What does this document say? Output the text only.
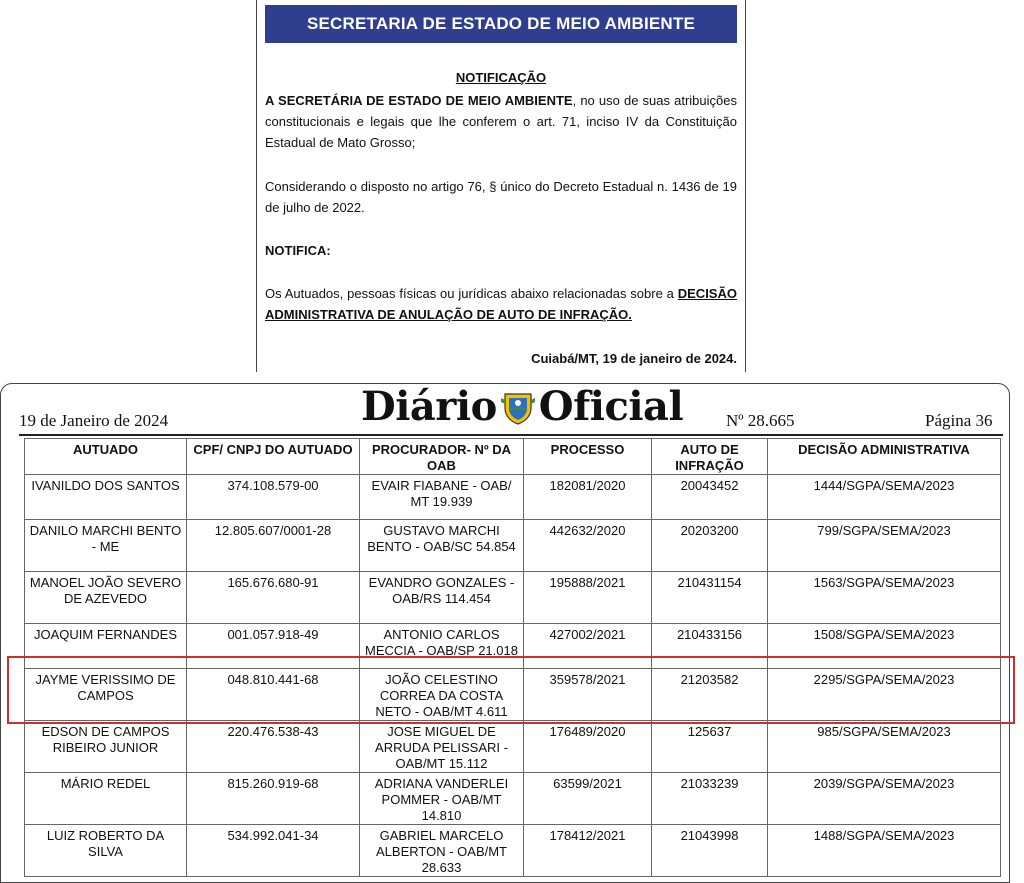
SECRETARIA DE ESTADO DE MEIO AMBIENTE
NOTIFICAÇÃO

A SECRETÁRIA DE ESTADO DE MEIO AMBIENTE, no uso de suas atribuições constitucionais e legais que lhe conferem o art. 71, inciso IV da Constituição Estadual de Mato Grosso;

Considerando o disposto no artigo 76, § único do Decreto Estadual n. 1436 de 19 de julho de 2022.

NOTIFICA:

Os Autuados, pessoas físicas ou jurídicas abaixo relacionadas sobre a DECISÃO ADMINISTRATIVA DE ANULAÇÃO DE AUTO DE INFRAÇÃO.

Cuiabá/MT, 19 de janeiro de 2024.

19 de Janeiro de 2024	Diário Oficial	Nº 28.665	Página 36
AUTUADO	CPF/ CNPJ DO AUTUADO	PROCURADOR- Nº DA OAB	PROCESSO	AUTO DE INFRAÇÃO	DECISÃO ADMINISTRATIVA
IVANILDO DOS SANTOS	374.108.579-00	EVAIR FIABANE - OAB/ MT 19.939	182081/2020	20043452	1444/SGPA/SEMA/2023
DANILO MARCHI BENTO - ME	12.805.607/0001-28	GUSTAVO MARCHI BENTO - OAB/SC 54.854	442632/2020	20203200	799/SGPA/SEMA/2023
MANOEL JOÃO SEVERO DE AZEVEDO	165.676.680-91	EVANDRO GONZALES - OAB/RS 114.454	195888/2021	210431154	1563/SGPA/SEMA/2023
JOAQUIM FERNANDES	001.057.918-49	ANTONIO CARLOS MECCIA - OAB/SP 21.018	427002/2021	210433156	1508/SGPA/SEMA/2023
JAYME VERISSIMO DE CAMPOS	048.810.441-68	JOÃO CELESTINO CORREA DA COSTA NETO - OAB/MT 4.611	359578/2021	21203582	2295/SGPA/SEMA/2023
EDSON DE CAMPOS RIBEIRO JUNIOR	220.476.538-43	JOSE MIGUEL DE ARRUDA PELISSARI - OAB/MT 15.112	176489/2020	125637	985/SGPA/SEMA/2023
MÁRIO REDEL	815.260.919-68	ADRIANA VANDERLEI POMMER - OAB/MT 14.810	63599/2021	21033239	2039/SGPA/SEMA/2023
LUIZ ROBERTO DA SILVA	534.992.041-34	GABRIEL MARCELO ALBERTON - OAB/MT 28.633	178412/2021	21043998	1488/SGPA/SEMA/2023
